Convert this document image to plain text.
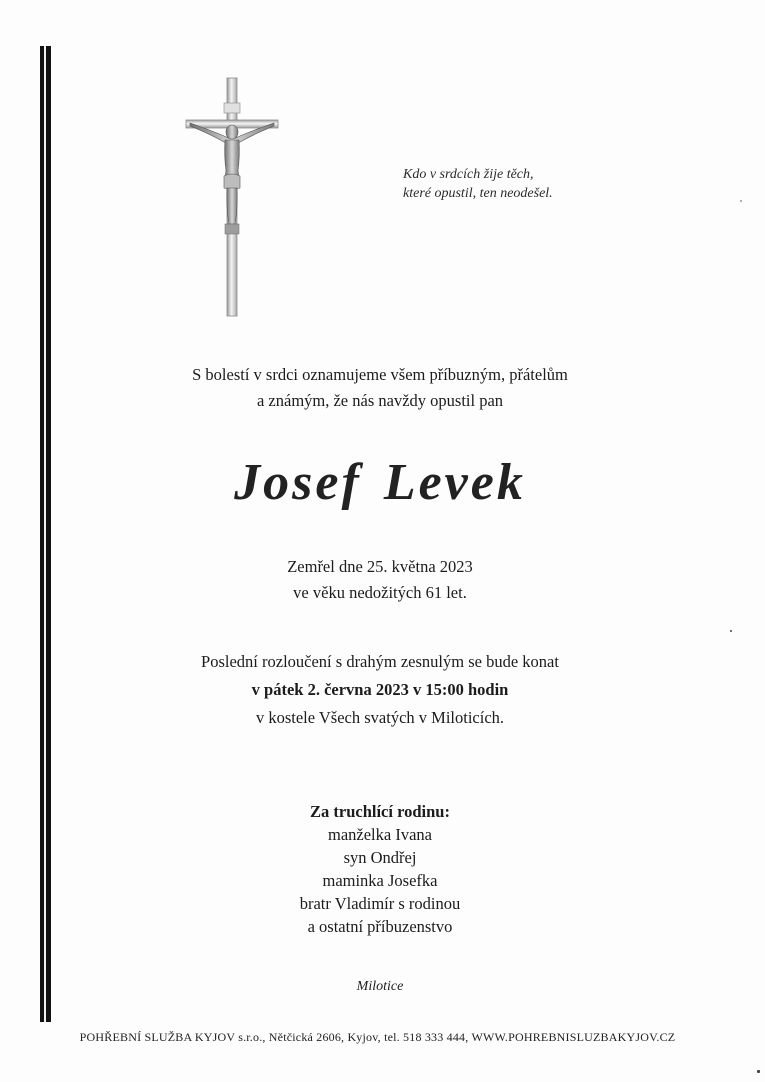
Kdo v srdcích žije těch,
které opustil, ten neodešel.
S bolestí v srdci oznamujeme všem příbuzným, přátelům
a známým, že nás navždy opustil pan
Josef Levek
Zemřel dne 25. května 2023
ve věku nedožitých 61 let.
Poslední rozloučení s drahým zesnulým se bude konat
v pátek 2. června 2023 v 15:00 hodin
v kostele Všech svatých v Miloticích.
Za truchlící rodinu:
manželka Ivana
syn Ondřej
maminka Josefka
bratr Vladimír s rodinou
a ostatní příbuzenstvo
Milotice
POHŘEBNÍ SLUŽBA KYJOV s.r.o., Nětčická 2606, Kyjov, tel. 518 333 444, WWW.POHREBNISLUZBAKYJOV.CZ
